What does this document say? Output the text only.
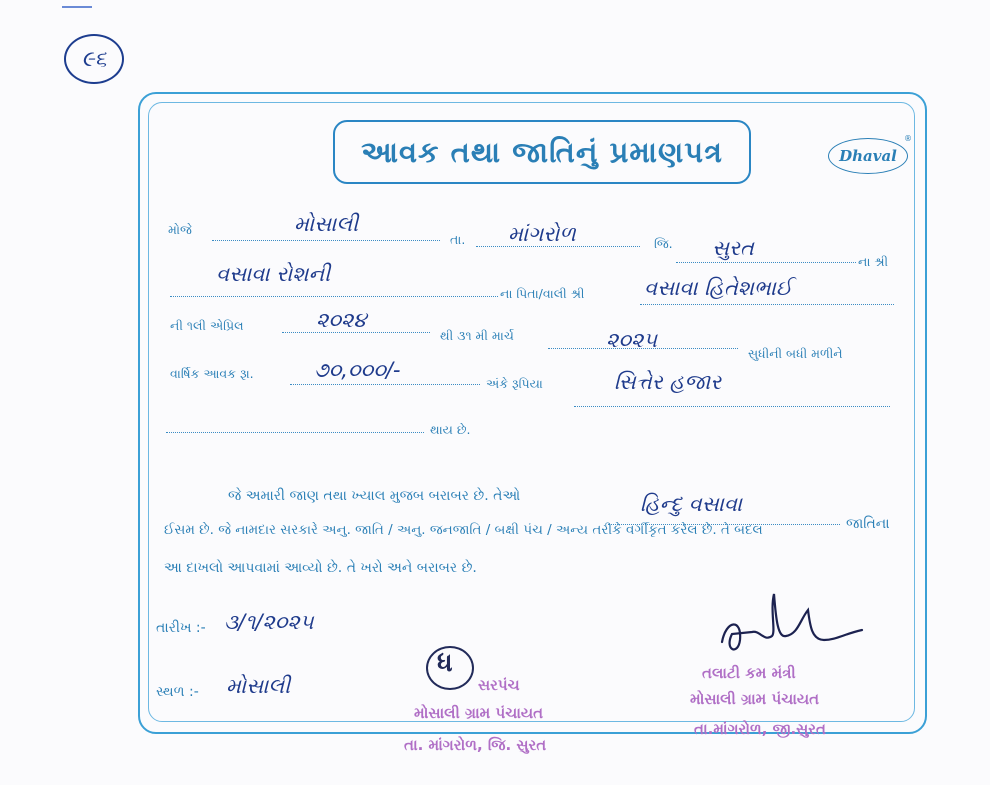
૯૬
આવક તથા જાતિનું પ્રમાણપત્ર	Dhaval
®
મોજે	મોસાલી
તા. માંગરોળ	જિ. સુરત
ના શ્રી
વસાવા રોશની
ના પિતા/વાલી શ્રી	વસાવા હિતેશભાઈ
ની ૧લી એપ્રિલ	૨૦૨૪
થી ૩૧ મી માર્ચ	૨૦૨૫
સુધીની બધી મળીને
વાર્ષિક આવક રૂા.	૭૦,૦૦૦/-
અંકે રૂપિયા	સિત્તેર હજાર
થાય છે.
જે અમારી જાણ તથા ખ્યાલ મુજબ બરાબર છે. તેઓ	હિન્દુ વસાવા
જાતિના
ઈસમ છે. જે નામદાર સરકારે અનુ. જાતિ / અનુ. જનજાતિ / બક્ષી પંચ / અન્ય તરીકે વર્ગીકૃત કરેલ છે. તે બદલ
આ દાખલો આપવામાં આવ્યો છે. તે ખરો અને બરાબર છે.
તારીખ :- ૩/૧/૨૦૨૫
સ્થળ :- મોસાલી
ધ
સરપંચ
મોસાલી ગ્રામ પંચાયત
તા. માંગરોળ, જિ. સુરત
તલાટી કમ મંત્રી
મોસાલી ગ્રામ પંચાયત
તા.માંગરોળ, જી.સુરત
